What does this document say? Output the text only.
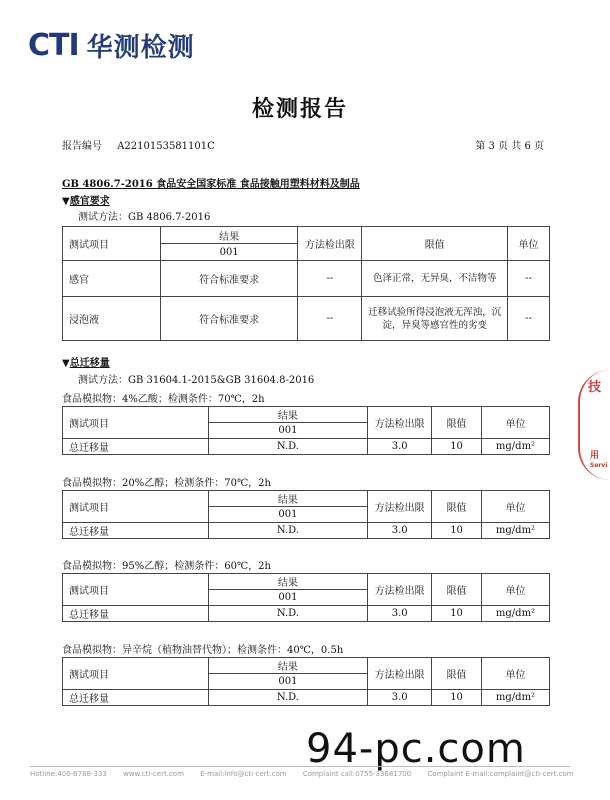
CTI 华测检测
检测报告
报告编号 A2210153581101C	第 3 页 共 6 页
GB 4806.7-2016 食品安全国家标准 食品接触用塑料材料及制品
▼感官要求
测试方法：GB 4806.7-2016
测试项目	结果	方法检出限	限值	单位
	001			
感官	符合标准要求	--	色泽正常，无异臭，不洁物等	--
浸泡液	符合标准要求	--	迁移试验所得浸泡液无浑浊，沉淀，异臭等感官性的劣变	--
▼总迁移量
测试方法：GB 31604.1-2015&GB 31604.8-2016
食品模拟物：4%乙酸；检测条件：70℃，2h
测试项目	结果	方法检出限	限值	单位
	001			
总迁移量	N.D.	3.0	10	mg/dm²
食品模拟物：20%乙醇；检测条件：70℃，2h
测试项目	结果	方法检出限	限值	单位
	001			
总迁移量	N.D.	3.0	10	mg/dm²
食品模拟物：95%乙醇；检测条件：60℃，2h
测试项目	结果	方法检出限	限值	单位
	001			
总迁移量	N.D.	3.0	10	mg/dm²
食品模拟物：异辛烷（植物油替代物）；检测条件：40℃，0.5h
测试项目	结果	方法检出限	限值	单位
	001			
总迁移量	N.D.	3.0	10	mg/dm²
技
用
Servi
94-pc.com
Hotline:400-6788-333 www.cti-cert.com E-mail:info@cti-cert.com Complaint call:0755-33681700 Complaint E-mail:complaint@cti-cert.com
